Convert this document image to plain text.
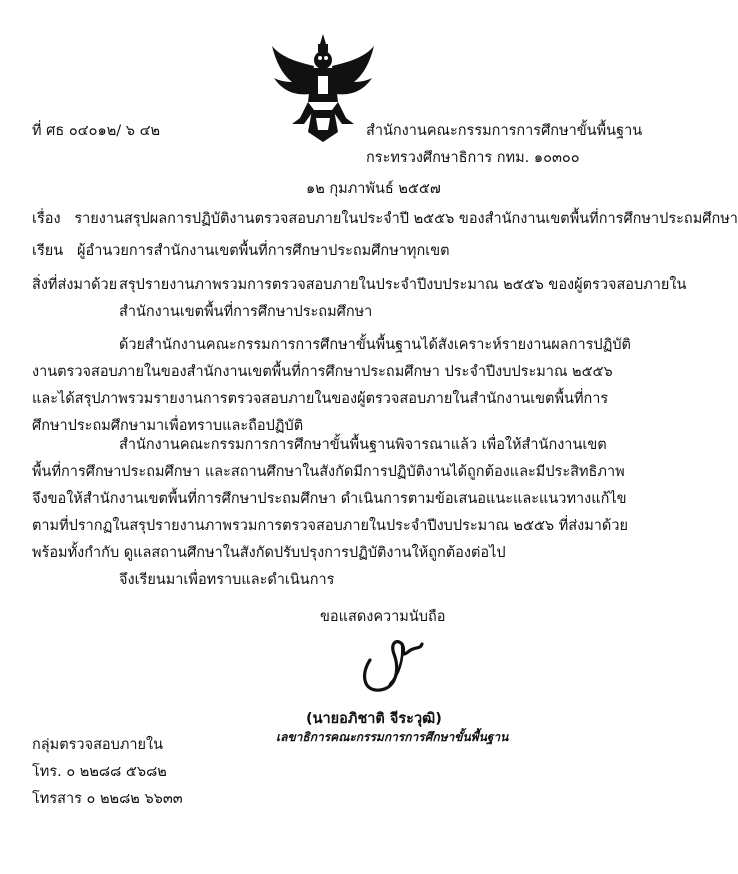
ที่ ศธ ๐๔๐๑๒/ ๖ ๔๒	สำนักงานคณะกรรมการการศึกษาขั้นพื้นฐาน
กระทรวงศึกษาธิการ กทม. ๑๐๓๐๐
๑๒ กุมภาพันธ์ ๒๕๕๗
เรื่อง รายงานสรุปผลการปฏิบัติงานตรวจสอบภายในประจำปี ๒๕๕๖ ของสำนักงานเขตพื้นที่การศึกษาประถมศึกษา
เรียน ผู้อำนวยการสำนักงานเขตพื้นที่การศึกษาประถมศึกษาทุกเขต
สิ่งที่ส่งมาด้วย สรุปรายงานภาพรวมการตรวจสอบภายในประจำปีงบประมาณ ๒๕๕๖ ของผู้ตรวจสอบภายใน
สำนักงานเขตพื้นที่การศึกษาประถมศึกษา
ด้วยสำนักงานคณะกรรมการการศึกษาขั้นพื้นฐานได้สังเคราะห์รายงานผลการปฏิบัติงานตรวจสอบภายในของสำนักงานเขตพื้นที่การศึกษาประถมศึกษา ประจำปีงบประมาณ ๒๕๕๖ และได้สรุปภาพรวมรายงานการตรวจสอบภายในของผู้ตรวจสอบภายในสำนักงานเขตพื้นที่การศึกษาประถมศึกษามาเพื่อทราบและถือปฏิบัติ
สำนักงานคณะกรรมการการศึกษาขั้นพื้นฐานพิจารณาแล้ว เพื่อให้สำนักงานเขตพื้นที่การศึกษาประถมศึกษา และสถานศึกษาในสังกัดมีการปฏิบัติงานได้ถูกต้องและมีประสิทธิภาพ จึงขอให้สำนักงานเขตพื้นที่การศึกษาประถมศึกษา ดำเนินการตามข้อเสนอแนะและแนวทางแก้ไขตามที่ปรากฏในสรุปรายงานภาพรวมการตรวจสอบภายในประจำปีงบประมาณ ๒๕๕๖ ที่ส่งมาด้วย พร้อมทั้งกำกับ ดูแลสถานศึกษาในสังกัดปรับปรุงการปฏิบัติงานให้ถูกต้องต่อไป
จึงเรียนมาเพื่อทราบและดำเนินการ
ขอแสดงความนับถือ
(นายอภิชาติ จีระวุฒิ)
เลขาธิการคณะกรรมการการศึกษาขั้นพื้นฐาน
กลุ่มตรวจสอบภายใน
โทร. ๐ ๒๒๘๘ ๕๖๘๒
โทรสาร ๐ ๒๒๘๒ ๖๖๓๓
